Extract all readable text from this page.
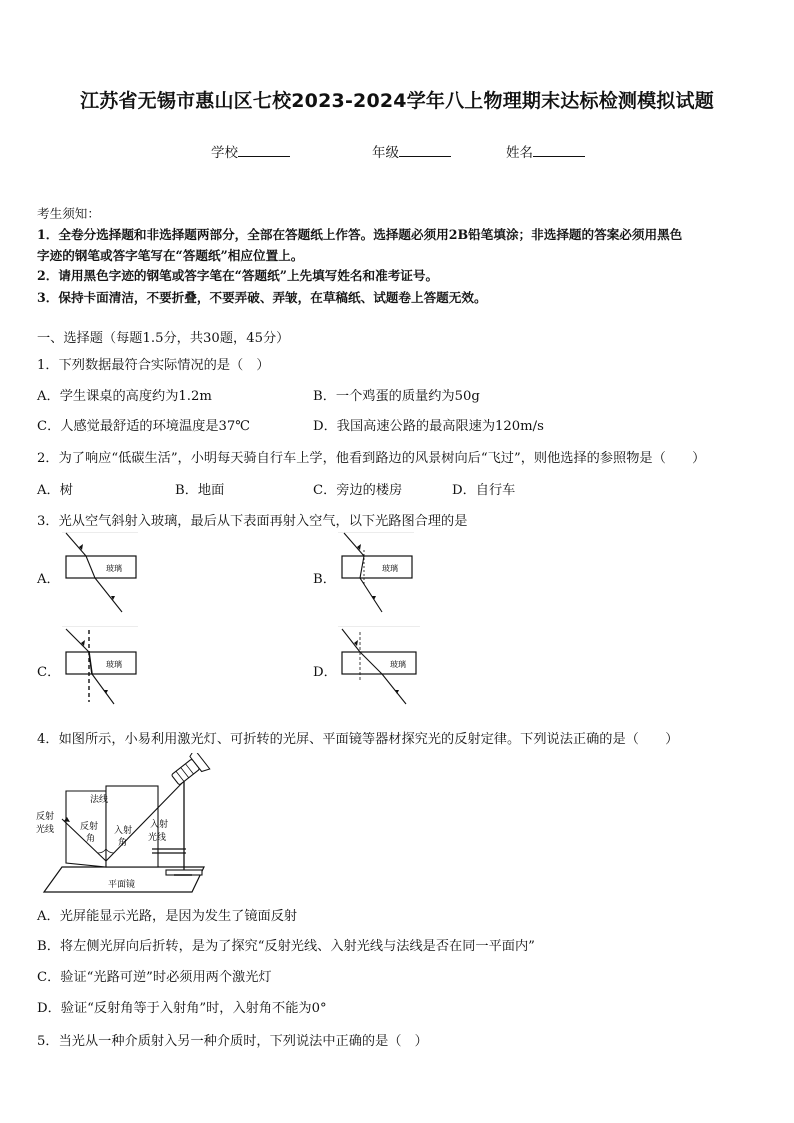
江苏省无锡市惠山区七校2023-2024学年八上物理期末达标检测模拟试题
学校	年级	姓名
考生须知：
1．全卷分选择题和非选择题两部分，全部在答题纸上作答。选择题必须用2B铅笔填涂；非选择题的答案必须用黑色
字迹的钢笔或答字笔写在“答题纸”相应位置上。
2．请用黑色字迹的钢笔或答字笔在“答题纸”上先填写姓名和准考证号。
3．保持卡面清洁，不要折叠，不要弄破、弄皱，在草稿纸、试题卷上答题无效。
一、选择题（每题1.5分，共30题，45分）
1．下列数据最符合实际情况的是（　）
A．学生课桌的高度约为1.2m	B．一个鸡蛋的质量约为50g
C．人感觉最舒适的环境温度是37℃	D．我国高速公路的最高限速为120m/s
2．为了响应“低碳生活”，小明每天骑自行车上学，他看到路边的风景树向后“飞过”，则他选择的参照物是（　　）
A．树	B．地面	C．旁边的楼房	D．自行车
3．光从空气斜射入玻璃，最后从下表面再射入空气，以下光路图合理的是
A．
玻璃
B．
玻璃
C．
玻璃
D．
玻璃
4．如图所示，小易利用激光灯、可折转的光屏、平面镜等器材探究光的反射定律。下列说法正确的是（　　）
平面镜
法线
反射
角
入射
角
反射
光线	入射
光线
A．光屏能显示光路，是因为发生了镜面反射
B．将左侧光屏向后折转，是为了探究“反射光线、入射光线与法线是否在同一平面内”
C．验证“光路可逆”时必须用两个激光灯
D．验证“反射角等于入射角”时，入射角不能为0°
5．当光从一种介质射入另一种介质时，下列说法中正确的是（　）
